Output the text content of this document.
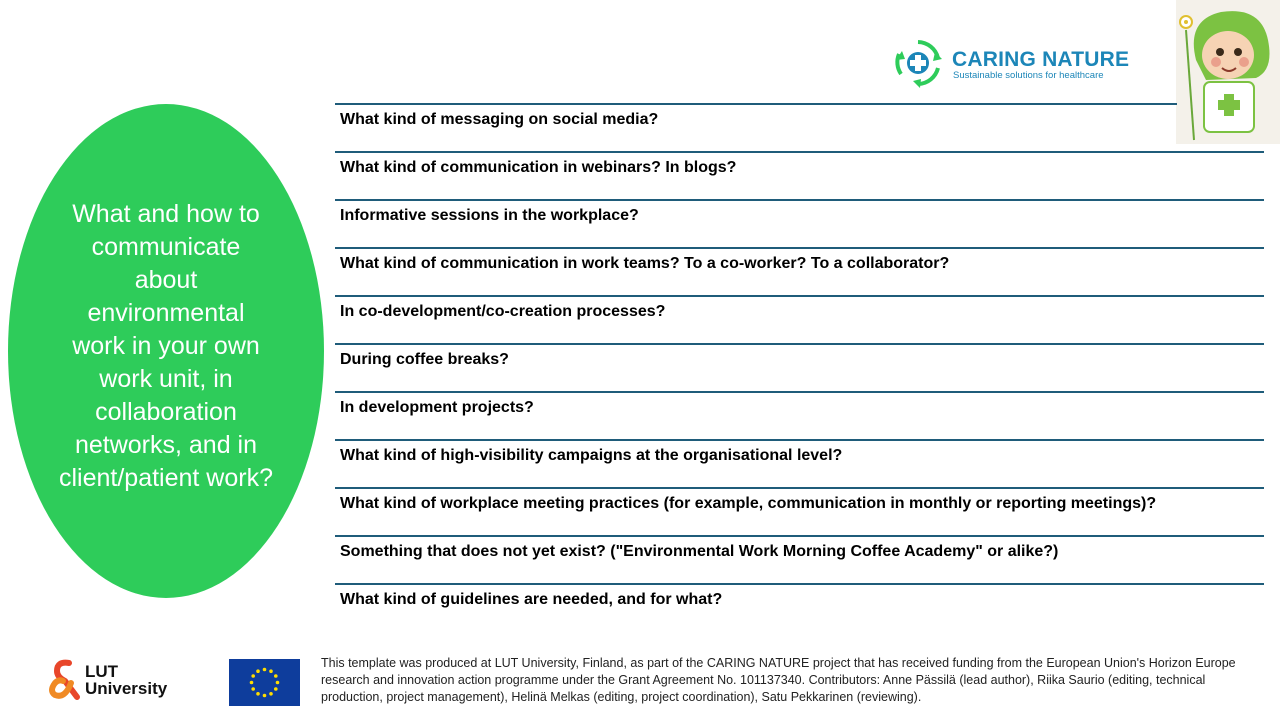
CARING NATURE
Sustainable solutions for healthcare
What and how to communicate about environmental work in your own work unit, in collaboration networks, and in client/patient work?
What kind of messaging on social media?
What kind of communication in webinars? In blogs?
Informative sessions in the workplace?
What kind of communication in work teams? To a co-worker? To a collaborator?
In co-development/co-creation processes?
During coffee breaks?
In development projects?
What kind of high-visibility campaigns at the organisational level?
What kind of workplace meeting practices (for example, communication in monthly or reporting meetings)?
Something that does not yet exist? ("Environmental Work Morning Coffee Academy" or alike?)
What kind of guidelines are needed, and for what?
LUT
University
This template was produced at LUT University, Finland, as part of the CARING NATURE project that has received funding from the European Union's Horizon Europe research and innovation action programme under the Grant Agreement No. 101137340. Contributors: Anne Pässilä (lead author), Riika Saurio (editing, technical production, project management), Helinä Melkas (editing, project coordination), Satu Pekkarinen (reviewing).
